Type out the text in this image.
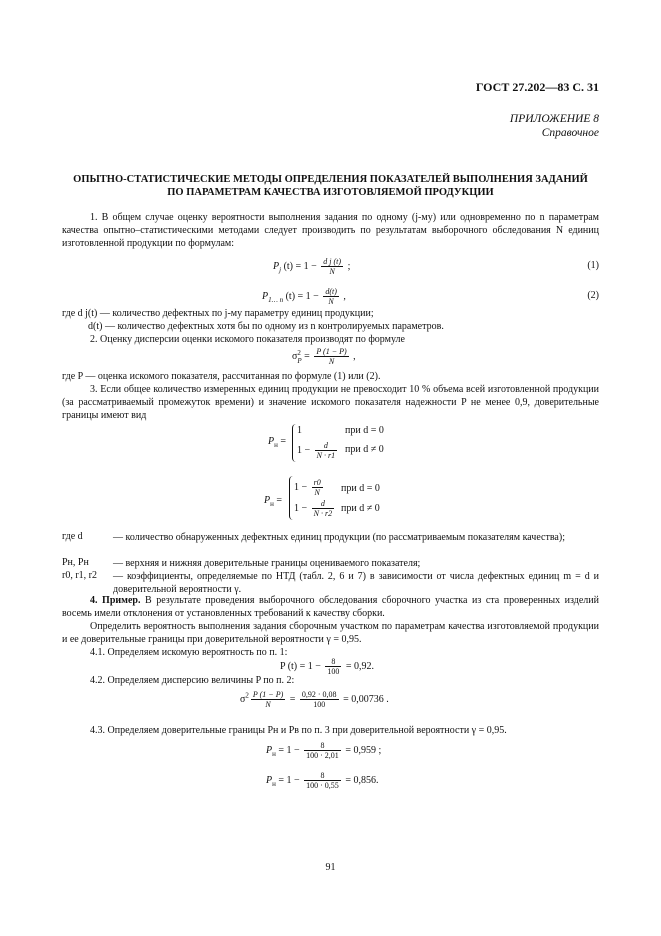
ГОСТ 27.202—83 С. 31
ПРИЛОЖЕНИЕ 8
Справочное
ОПЫТНО-СТАТИСТИЧЕСКИЕ МЕТОДЫ ОПРЕДЕЛЕНИЯ ПОКАЗАТЕЛЕЙ ВЫПОЛНЕНИЯ ЗАДАНИЙ
ПО ПАРАМЕТРАМ КАЧЕСТВА ИЗГОТОВЛЯЕМОЙ ПРОДУКЦИИ
1. В общем случае оценку вероятности выполнения задания по одному (j-му) или одновременно по n параметрам качества опытно–статистическими методами следует производить по результатам выборочного обследования N единиц изготовленной продукции по формулам:
$P_j$ $(t) = 1 - \frac{\text{d j (t)}}{N}$ ;	(1)
$P_{1\dots n}$ $(t) = 1 - \frac{d(t)}{N}$ ,	(2)
где d j(t) — количество дефектных по j-му параметру единиц продукции;
d(t) — количество дефектных хотя бы по одному из n контролируемых параметров.
2. Оценку дисперсии оценки искомого показателя производят по формуле
σ 2
$P = \frac{P (1 - P)}{N}$ ,
где P — оценка искомого показателя, рассчитанная по формуле (1) или (2).
3. Если общее количество измеренных единиц продукции не превосходит 10 % объема всей изготовленной продукции (за рассматриваемый промежуток времени) и значение искомого показателя надежности P не менее 0,9, доверительные границы имеют вид
$P_н$ =
1	при d = 0
$1 - \frac{d}{N \cdot r1}$ при d ≠ 0
$P_н$ =
$1 - \frac{r0}{N}$ при d = 0
$1 - \frac{d}{N \cdot r2}$ при d ≠ 0
где d	— количество обнаруженных дефектных единиц продукции (по рассматриваемым показателям качества);
Pн, Pн — верхняя и нижняя доверительные границы оцениваемого показателя;
r0, r1, r2 — коэффициенты, определяемые по НТД (табл. 2, 6 и 7) в зависимости от числа дефектных единиц m = d и доверительной вероятности γ.
4. Пример. В результате проведения выборочного обследования сборочного участка из ста проверенных изделий восемь имели отклонения от установленных требований к качеству сборки.
Определить вероятность выполнения задания сборочным участком по параметрам качества изготовляемой продукции и ее доверительные границы при доверительной вероятности γ = 0,95.
4.1. Определяем искомую вероятность по п. 1:
P $(t) = 1 - \frac{8}{100} = 0,92$.
4.2. Определяем дисперсию величины P по п. 2:
$\sigma^2 \frac{P (1 - P)}{N} = \frac{0,92 \cdot 0,08}{100} = 0,00736$ .
4.3. Определяем доверительные границы Pн и Pв по п. 3 при доверительной вероятности γ = 0,95.
$P_н = 1 - \frac{8}{100 \cdot 2,01} = 0,959$ ;
$P_н = 1 - \frac{8}{100 \cdot 0,55} = 0,856$.
91
